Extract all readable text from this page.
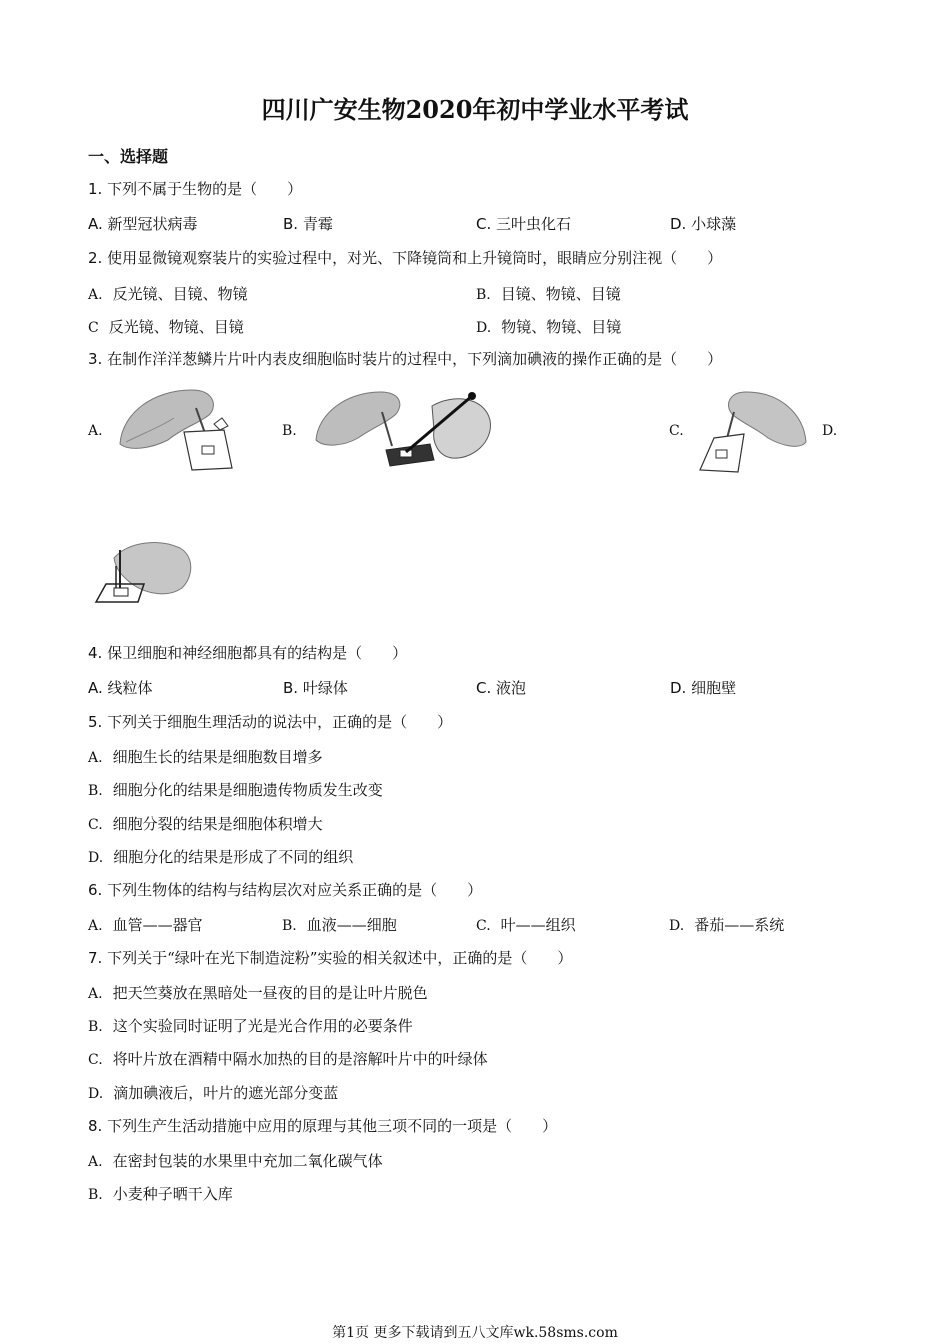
四川广安生物2020年初中学业水平考试
一、选择题
1. 下列不属于生物的是（　　）
A. 新型冠状病毒	B. 青霉	C. 三叶虫化石	D. 小球藻
2. 使用显微镜观察装片的实验过程中，对光、下降镜筒和上升镜筒时，眼睛应分别注视（　　）
A. 反光镜、目镜、物镜	B. 目镜、物镜、目镜
C 反光镜、物镜、目镜	D. 物镜、物镜、目镜
3. 在制作洋洋葱鳞片片叶内表皮细胞临时装片的过程中，下列滴加碘液的操作正确的是（　　）
A.	B.	C.	D.
4. 保卫细胞和神经细胞都具有的结构是（　　）
A. 线粒体	B. 叶绿体	C. 液泡	D. 细胞壁
5. 下列关于细胞生理活动的说法中，正确的是（　　）
A. 细胞生长的结果是细胞数目增多
B. 细胞分化的结果是细胞遗传物质发生改变
C. 细胞分裂的结果是细胞体积增大
D. 细胞分化的结果是形成了不同的组织
6. 下列生物体的结构与结构层次对应关系正确的是（　　）
A. 血管——器官	B. 血液——细胞	C. 叶——组织	D. 番茄——系统
7. 下列关于“绿叶在光下制造淀粉”实验的相关叙述中，正确的是（　　）
A. 把天竺葵放在黑暗处一昼夜的目的是让叶片脱色
B. 这个实验同时证明了光是光合作用的必要条件
C. 将叶片放在酒精中隔水加热的目的是溶解叶片中的叶绿体
D. 滴加碘液后，叶片的遮光部分变蓝
8. 下列生产生活动措施中应用的原理与其他三项不同的一项是（　　）
A. 在密封包装的水果里中充加二氧化碳气体
B. 小麦种子晒干入库
第1页 更多下载请到五八文库wk.58sms.com
